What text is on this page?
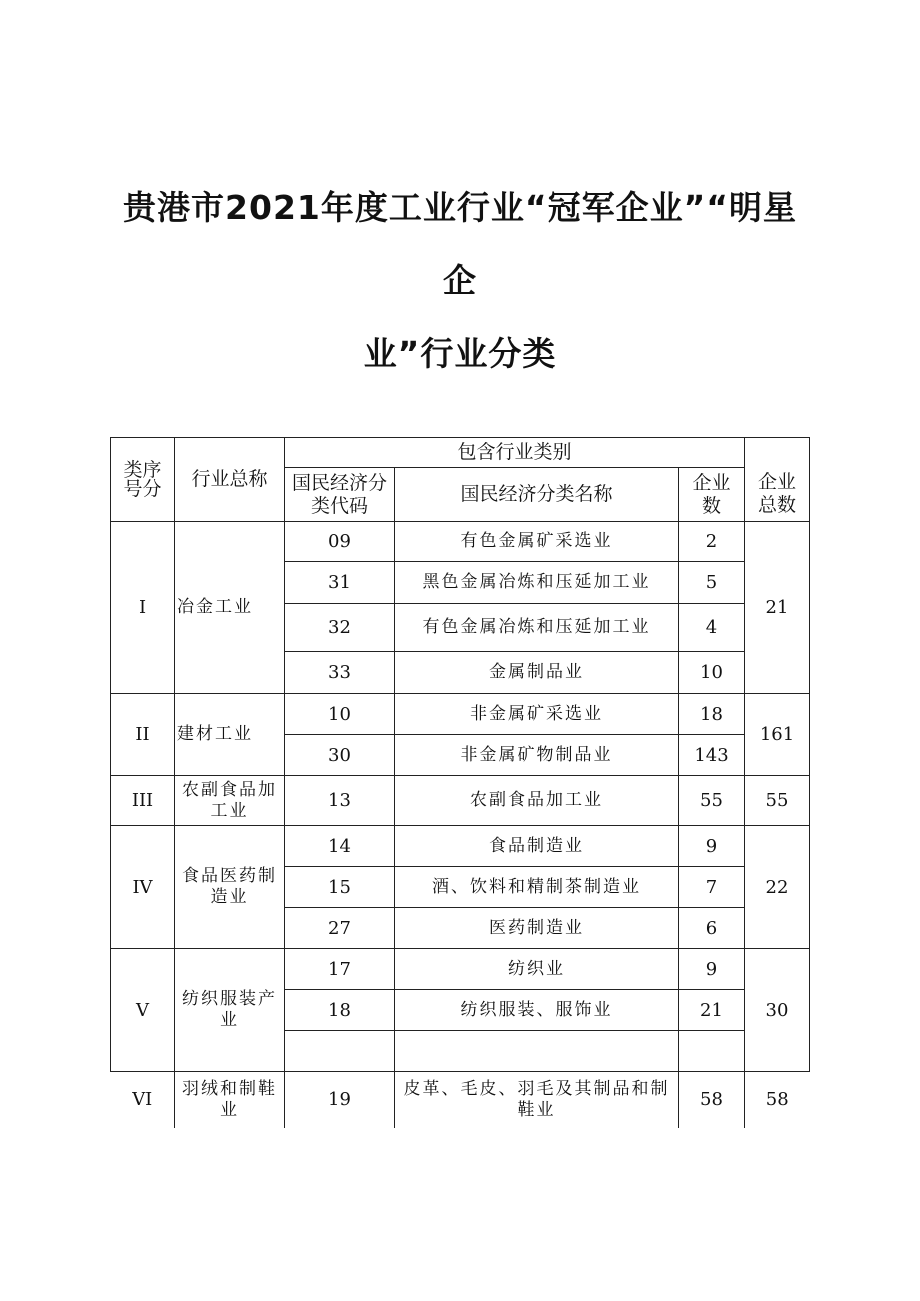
贵港市2021年度工业行业“冠军企业”“明星
企
业”行业分类
类序号分	行业总称	包含行业类别			

		国民经济分类代码	国民经济分类名称	企业数	企业总数

I	冶金工业	09	有色金属矿采选业	2	21
		31	黑色金属冶炼和压延加工业	5	
		32	有色金属冶炼和压延加工业	4	
		33	金属制品业	10	
II	建材工业	10	非金属矿采选业	18	161
		30	非金属矿物制品业	143	
III	农副食品加工业	13	农副食品加工业	55	55
IV	食品医药制造业	14	食品制造业	9	22
		15	酒、饮料和精制茶制造业	7	
		27	医药制造业	6	
V	纺织服装产业	17	纺织业	9	30
		18	纺织服装、服饰业	21	

VI	羽绒和制鞋业	19	皮革、毛皮、羽毛及其制品和制鞋业	58	58
